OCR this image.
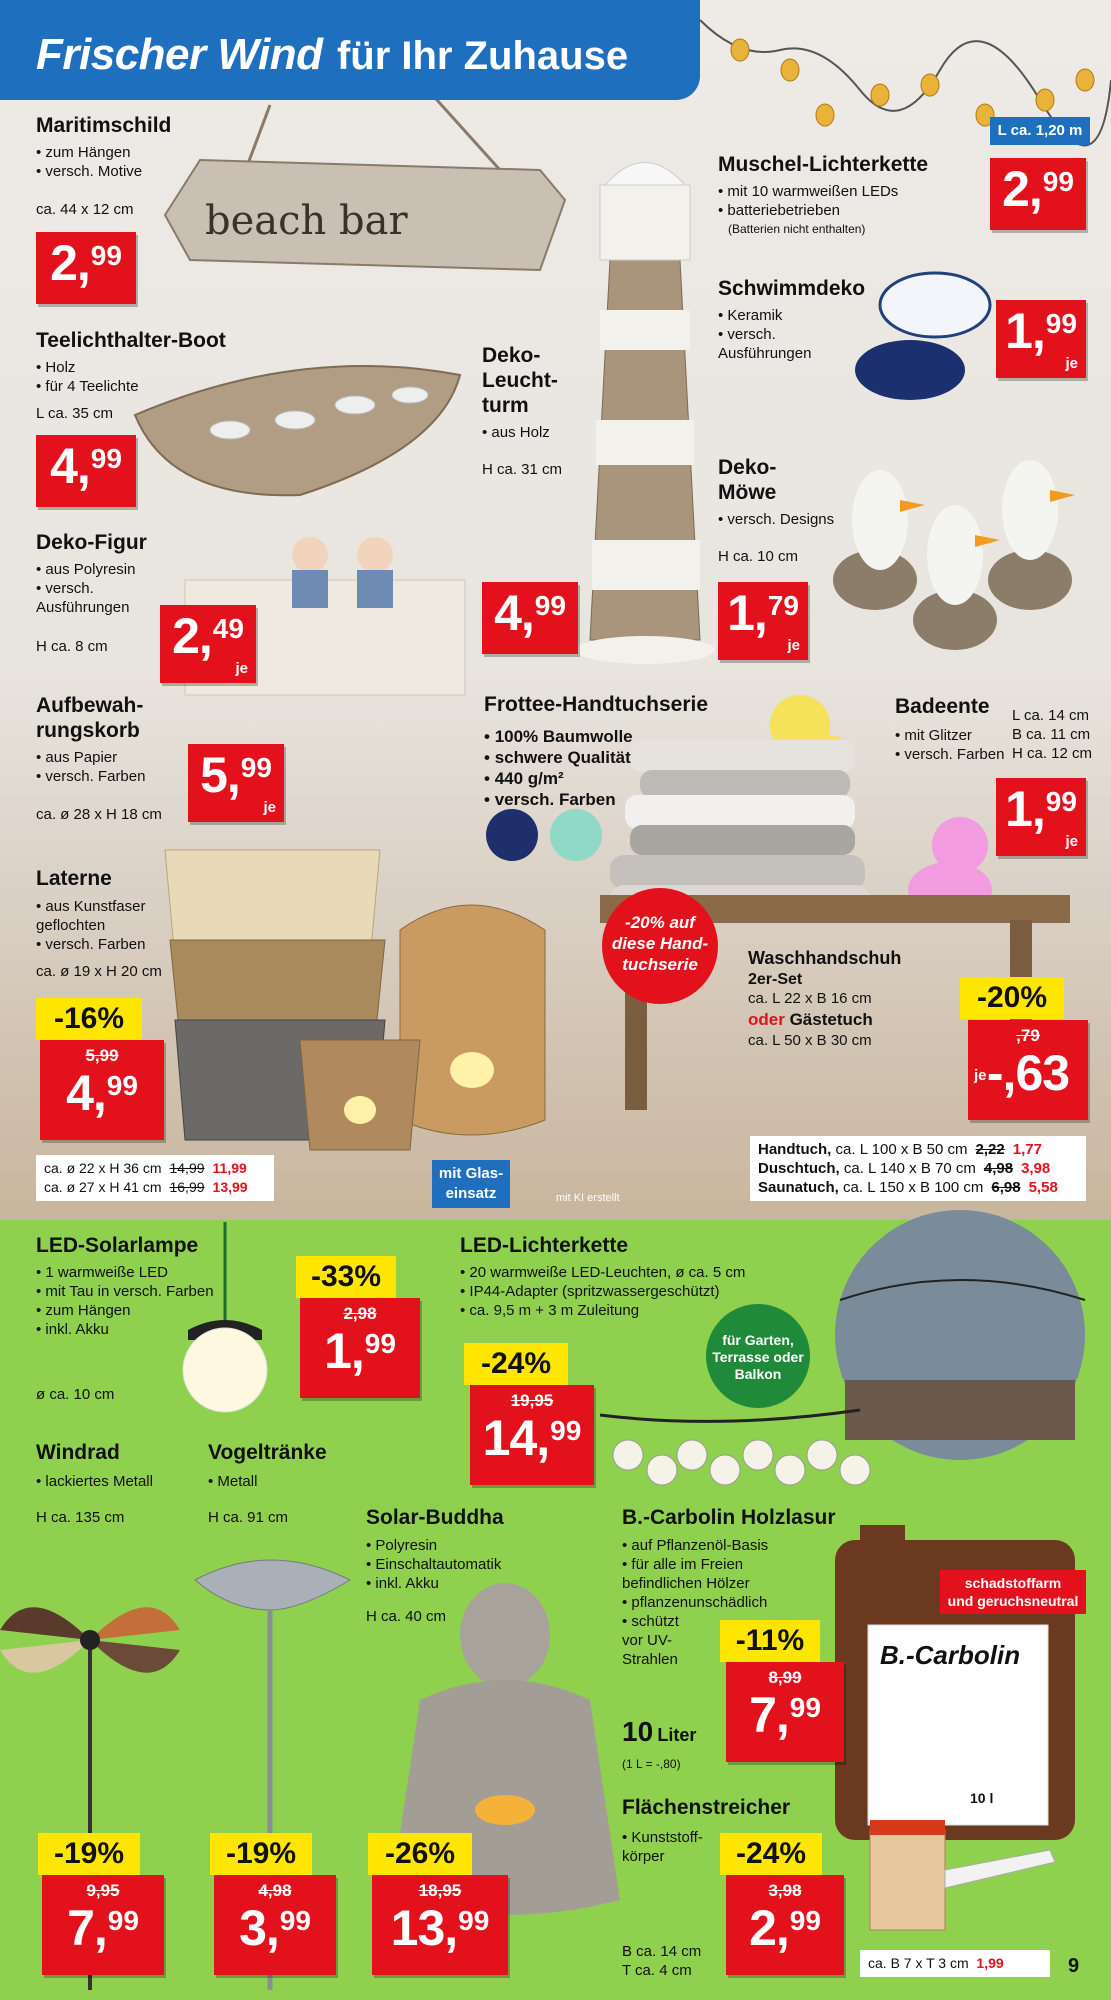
Frischer Wind für Ihr Zuhause
Maritimschild
• zum Hängen
• versch. Motive
ca. 44 x 12 cm beach bar
2, 99
Teelichthalter-Boot
• Holz
• für 4 Teelichte
L ca. 35 cm
4, 99
Deko-Figur
• aus Polyresin
• versch. Ausführungen
H ca. 8 cm 2, 49
je
Aufbewah-
rungskorb
• aus Papier
• versch. Farben
ca. ø 28 x H 18 cm
5, 99
je
Laterne
• aus Kunstfaser geflochten
• versch. Farben
ca. ø 19 x H 20 cm
-16%
5,99
4, 99
ca. ø 22 x H 36 cm 14,99 11,99
ca. ø 27 x H 41 cm 16,99 13,99
mit Glas-
einsatz
Deko-
Leucht-
turm
• aus Holz
H ca. 31 cm
4, 99
L ca. 1,20 m
Muschel-Lichterkette
• mit 10 warmweißen LEDs
• batteriebetrieben
(Batterien nicht enthalten)
2, 99
Schwimmdeko
• Keramik
• versch. Ausführungen	1, 99
je
Deko-
Möwe
• versch. Designs
H ca. 10 cm
1, 79
je
Frottee-Handtuchserie
• 100% Baumwolle
• schwere Qualität
• 440 g/m²
• versch. Farben
-20% auf
diese Hand-
tuchserie	Waschhandschuh
2er-Set
ca. L 22 x B 16 cm
oder Gästetuch
ca. L 50 x B 30 cm
-20%
,79
-,63
je
Handtuch,
ca. L 100 x B 50 cm 2,22 1,77
Duschtuch,
ca. L 140 x B 70 cm 4,98 3,98
Saunatuch,
ca. L 150 x B 100 cm 6,98 5,58
Badeente
• mit Glitzer
• versch. Farben
L ca. 14 cm
B ca. 11 cm
H ca. 12 cm
1, 99
je
mit KI erstellt
LED-Solarlampe
• 1 warmweiße LED
• mit Tau in versch. Farben
• zum Hängen
• inkl. Akku
ø ca. 10 cm
-33%
2,98
1, 99
LED-Lichterkette
• 20 warmweiße LED-Leuchten, ø ca. 5 cm
• IP44-Adapter (spritzwassergeschützt)
• ca. 9,5 m + 3 m Zuleitung
für Garten,
Terrasse oder
Balkon
-24%
19,95
14, 99
Windrad
• lackiertes Metall
H ca. 135 cm
-19%
9,95
7, 99
Vogeltränke
• Metall
H ca. 91 cm
-19%
4,98
3, 99
Solar-Buddha
• Polyresin
• Einschaltautomatik
• inkl. Akku
H ca. 40 cm
-26%
18,95
13, 99
B.-Carbolin Holzlasur
• auf Pflanzenöl-Basis
• für alle im Freien befindlichen Hölzer
• pflanzenunschädlich
• schützt vor UV-Strahlen
schadstoffarm
und geruchsneutral
B.-Carbolin
10 l
10 Liter
(1 L = -,80)
-11%
8,99
7, 99
Flächenstreicher
• Kunststoff-körper
B ca. 14 cm
T ca. 4 cm
-24%
3,98
2, 99
ca. B 7 x T 3 cm
1,99	9
